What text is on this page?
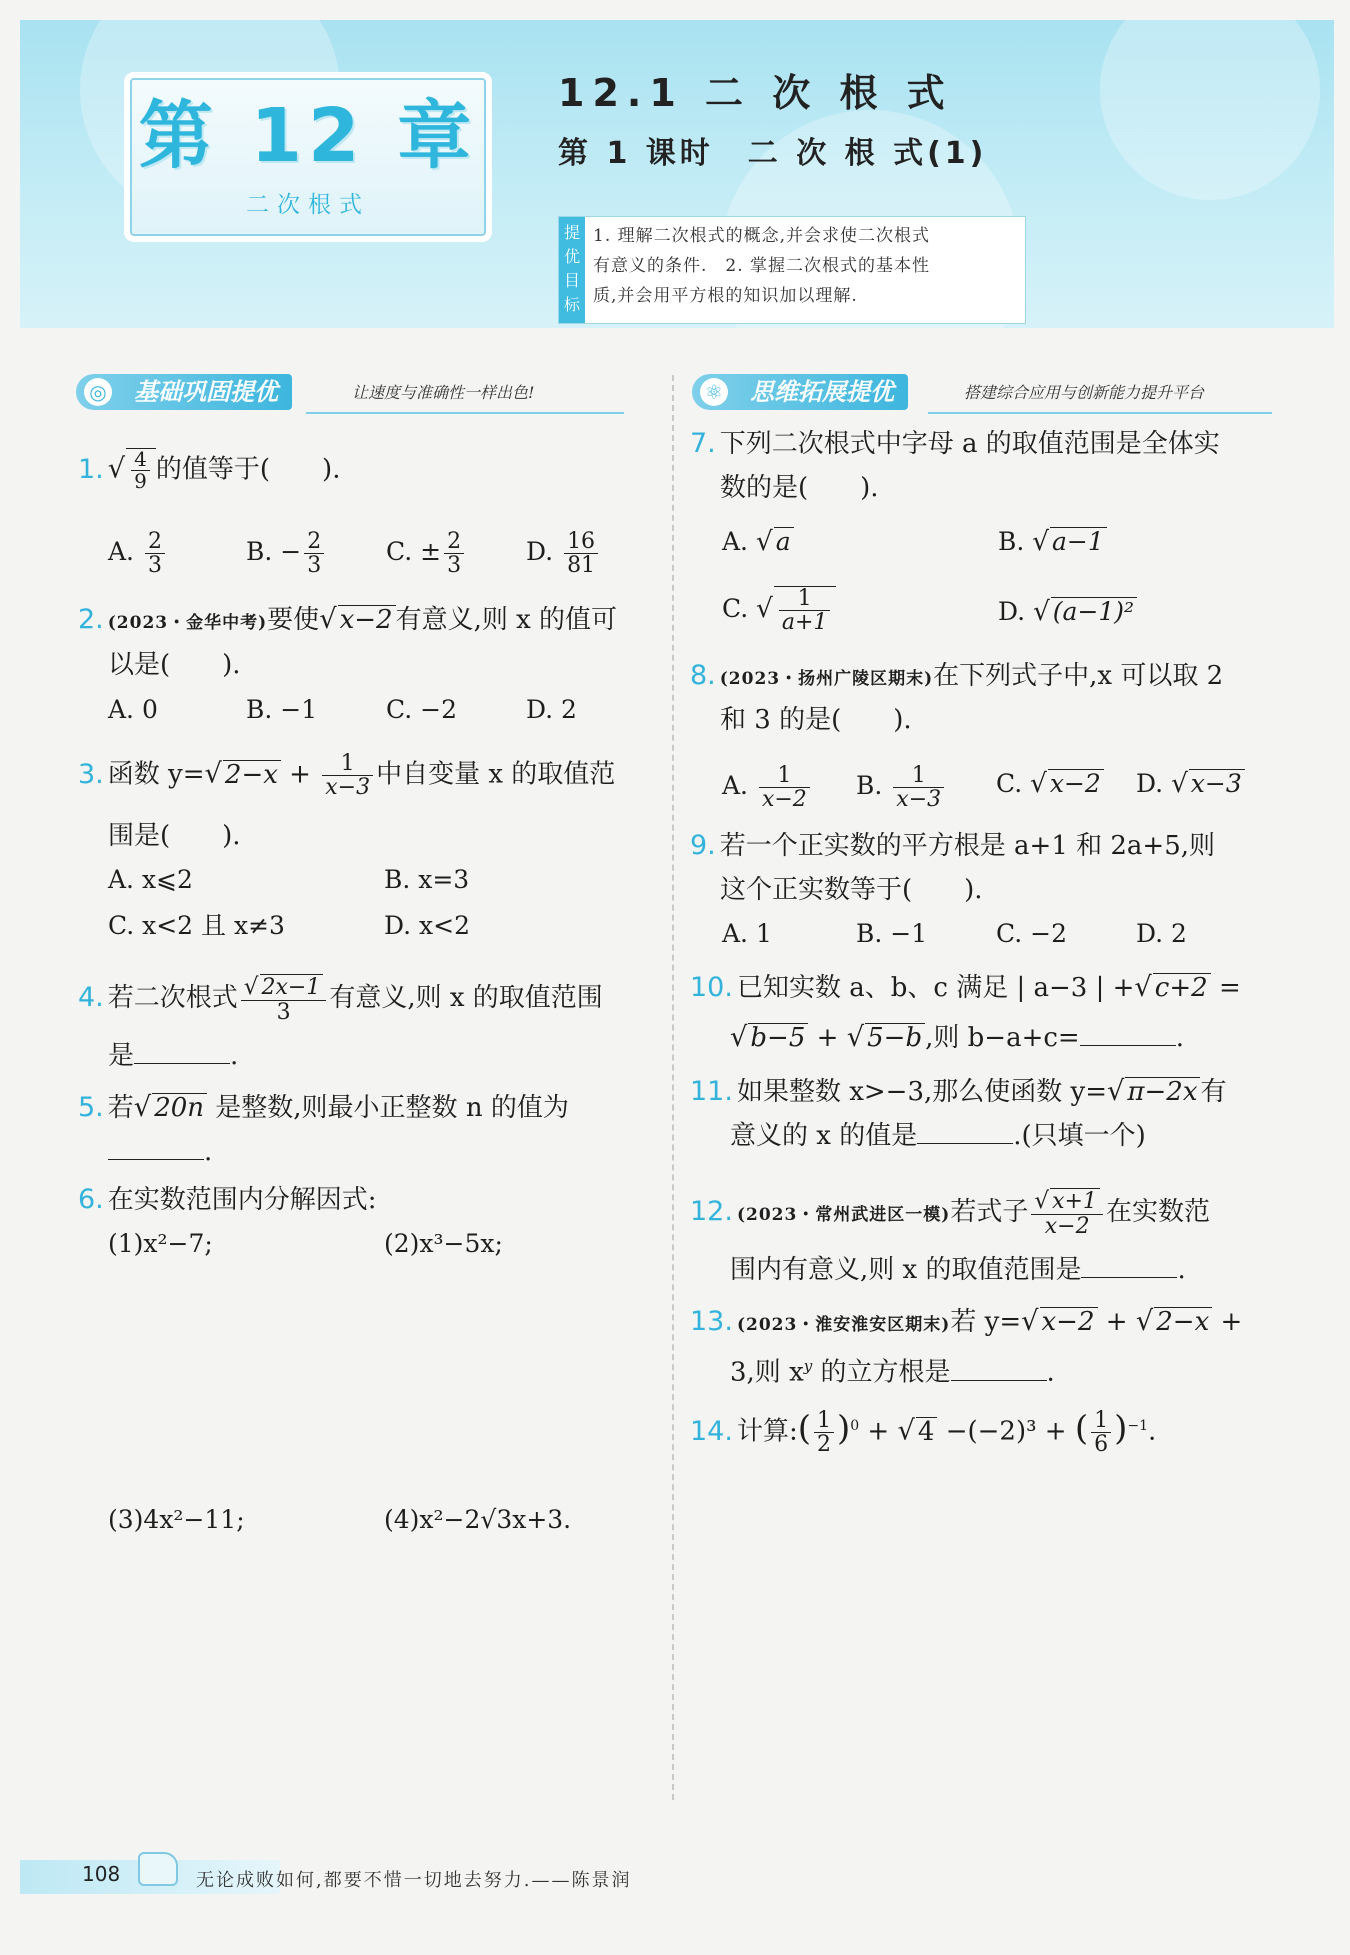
第 12 章
二次根式
12.1 二 次 根 式
第 1 课时　二 次 根 式(1)
提优目标
1. 理解二次根式的概念,并会求使二次根式
有意义的条件.　2. 掌握二次根式的基本性
质,并会用平方根的知识加以理解.
◎ 基础巩固提优	让速度与准确性一样出色!	⚛ 思维拓展提优	搭建综合应用与创新能力提升平台
1. √ $\frac{4}{9}$ 的值等于(　　).
A. $\frac{2}{3}$	B. − $\frac{2}{3} C$. ± $\frac{2}{3} D$. $\frac{16}{81}$
2. (2023・金华中考)要使√ x−2 有意义,则 x 的值可
以是(　　).
A. 0	B. −1	C. −2	D. 2
3. 函数 y=√ $2-x + \frac{1}{x-3}$ 中自变量 x 的取值范
围是(　　).
A. x⩽2	B. x=3
C. x<2 且 x≠3	D. x<2
4. 若二次根式 $\frac{√ 2x-1}{3}$ 有意义,则 x 的取值范围
是	.
5. 若√ 20n 是整数,则最小正整数 n 的值为
.
6. 在实数范围内分解因式:
(1)x²−7;	(2)x³−5x;
(3)4x²−11;	(4)x²−2√3x+3.
7. 下列二次根式中字母 a 的取值范围是全体实
数的是(　　).
A. √ a	B. √ a−1
C. √ $\frac{1}{a+1}$	D. √ (a−1)²
8. (2023・扬州广陵区期末)在下列式子中,x 可以取 2
和 3 的是(　　).
A. $\frac{1}{x-2} B$. $\frac{1}{x-3} C$. √ x−2 D. √ x−3
9. 若一个正实数的平方根是 a+1 和 2a+5,则
这个正实数等于(　　).
A. 1	B. −1	C. −2	D. 2
10. 已知实数 a、b、c 满足 | a−3 | +√ c+2 =
√ b−5 + √ 5−b ,则 b−a+c=	.
11. 如果整数 x>−3,那么使函数 y=√ π−2x 有
意义的 x 的值是	.(只填一个)
12. (2023・常州武进区一模)若式子 $\frac{√ x+1}{x-2}$ 在实数范
围内有意义,则 x 的取值范围是	.
13. (2023・淮安淮安区期末)若 y=√ x−2 + √ 2−x +
3,则 $x^y$ 的立方根是	.
14. 计算:( $\frac{1}{2} )^0$ + √ 4 −(−2)³ + ( $\frac{1}{6} )^{-1}$.
108	无论成败如何,都要不惜一切地去努力.——陈景润
